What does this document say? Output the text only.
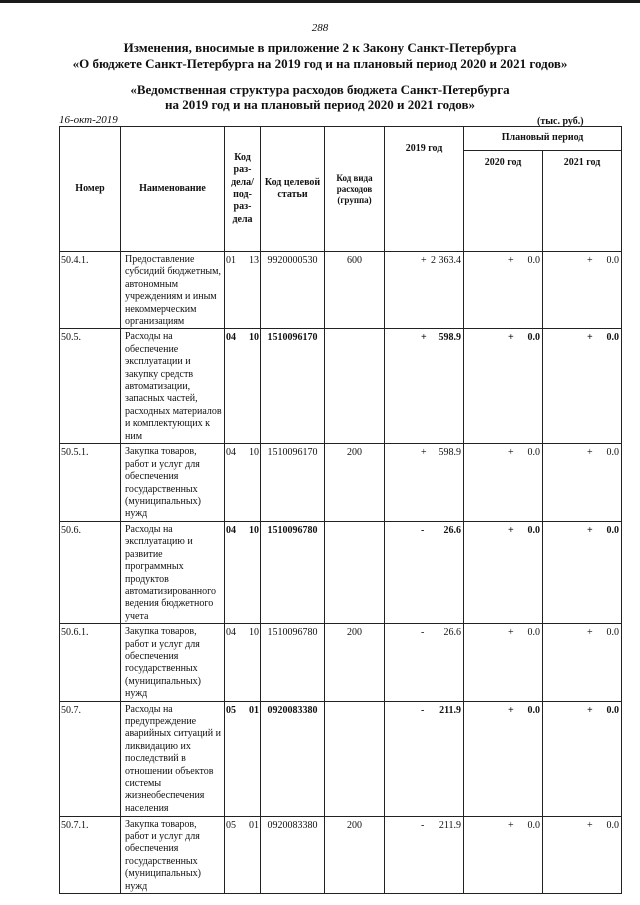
288
Изменения, вносимые в приложение 2 к Закону Санкт-Петербурга
«О бюджете Санкт-Петербурга на 2019 год и на плановый период 2020 и 2021 годов»
«Ведомственная структура расходов бюджета Санкт-Петербурга
на 2019 год и на плановый период 2020 и 2021 годов»
16-окт-2019	(тыс. руб.)
Номер	Наименование	Код раз-дела/ под-раз-дела		Код целевой статьи	Код вида расходов (группа)	2019 год	Плановый период	
							2020 год	2021 год
50.4.1.	Предоставление субсидий бюджетным, автономным учреждениям и иным некоммерческим организациям	01	13	9920000530	600	+ 2 363.4	+ 0.0	+ 0.0

50.5.	Расходы на обеспечение эксплуатации и закупку средств автоматизации, запасных частей, расходных материалов и комплектующих к ним	04	10	1510096170		+ 598.9	+ 0.0	+ 0.0

50.5.1.	Закупка товаров, работ и услуг для обеспечения государственных (муниципальных) нужд	04	10	1510096170	200	+ 598.9	+ 0.0	+ 0.0

50.6.	Расходы на эксплуатацию и развитие программных продуктов автоматизированного ведения бюджетного учета	04	10	1510096780		- 26.6	+ 0.0	+ 0.0

50.6.1.	Закупка товаров, работ и услуг для обеспечения государственных (муниципальных) нужд	04	10	1510096780	200	- 26.6	+ 0.0	+ 0.0

50.7.	Расходы на предупреждение аварийных ситуаций и ликвидацию их последствий в отношении объектов системы жизнеобеспечения населения	05	01	0920083380		- 211.9	+ 0.0	+ 0.0

50.7.1.	Закупка товаров, работ и услуг для обеспечения государственных (муниципальных) нужд	05	01	0920083380	200	- 211.9	+ 0.0	+ 0.0
